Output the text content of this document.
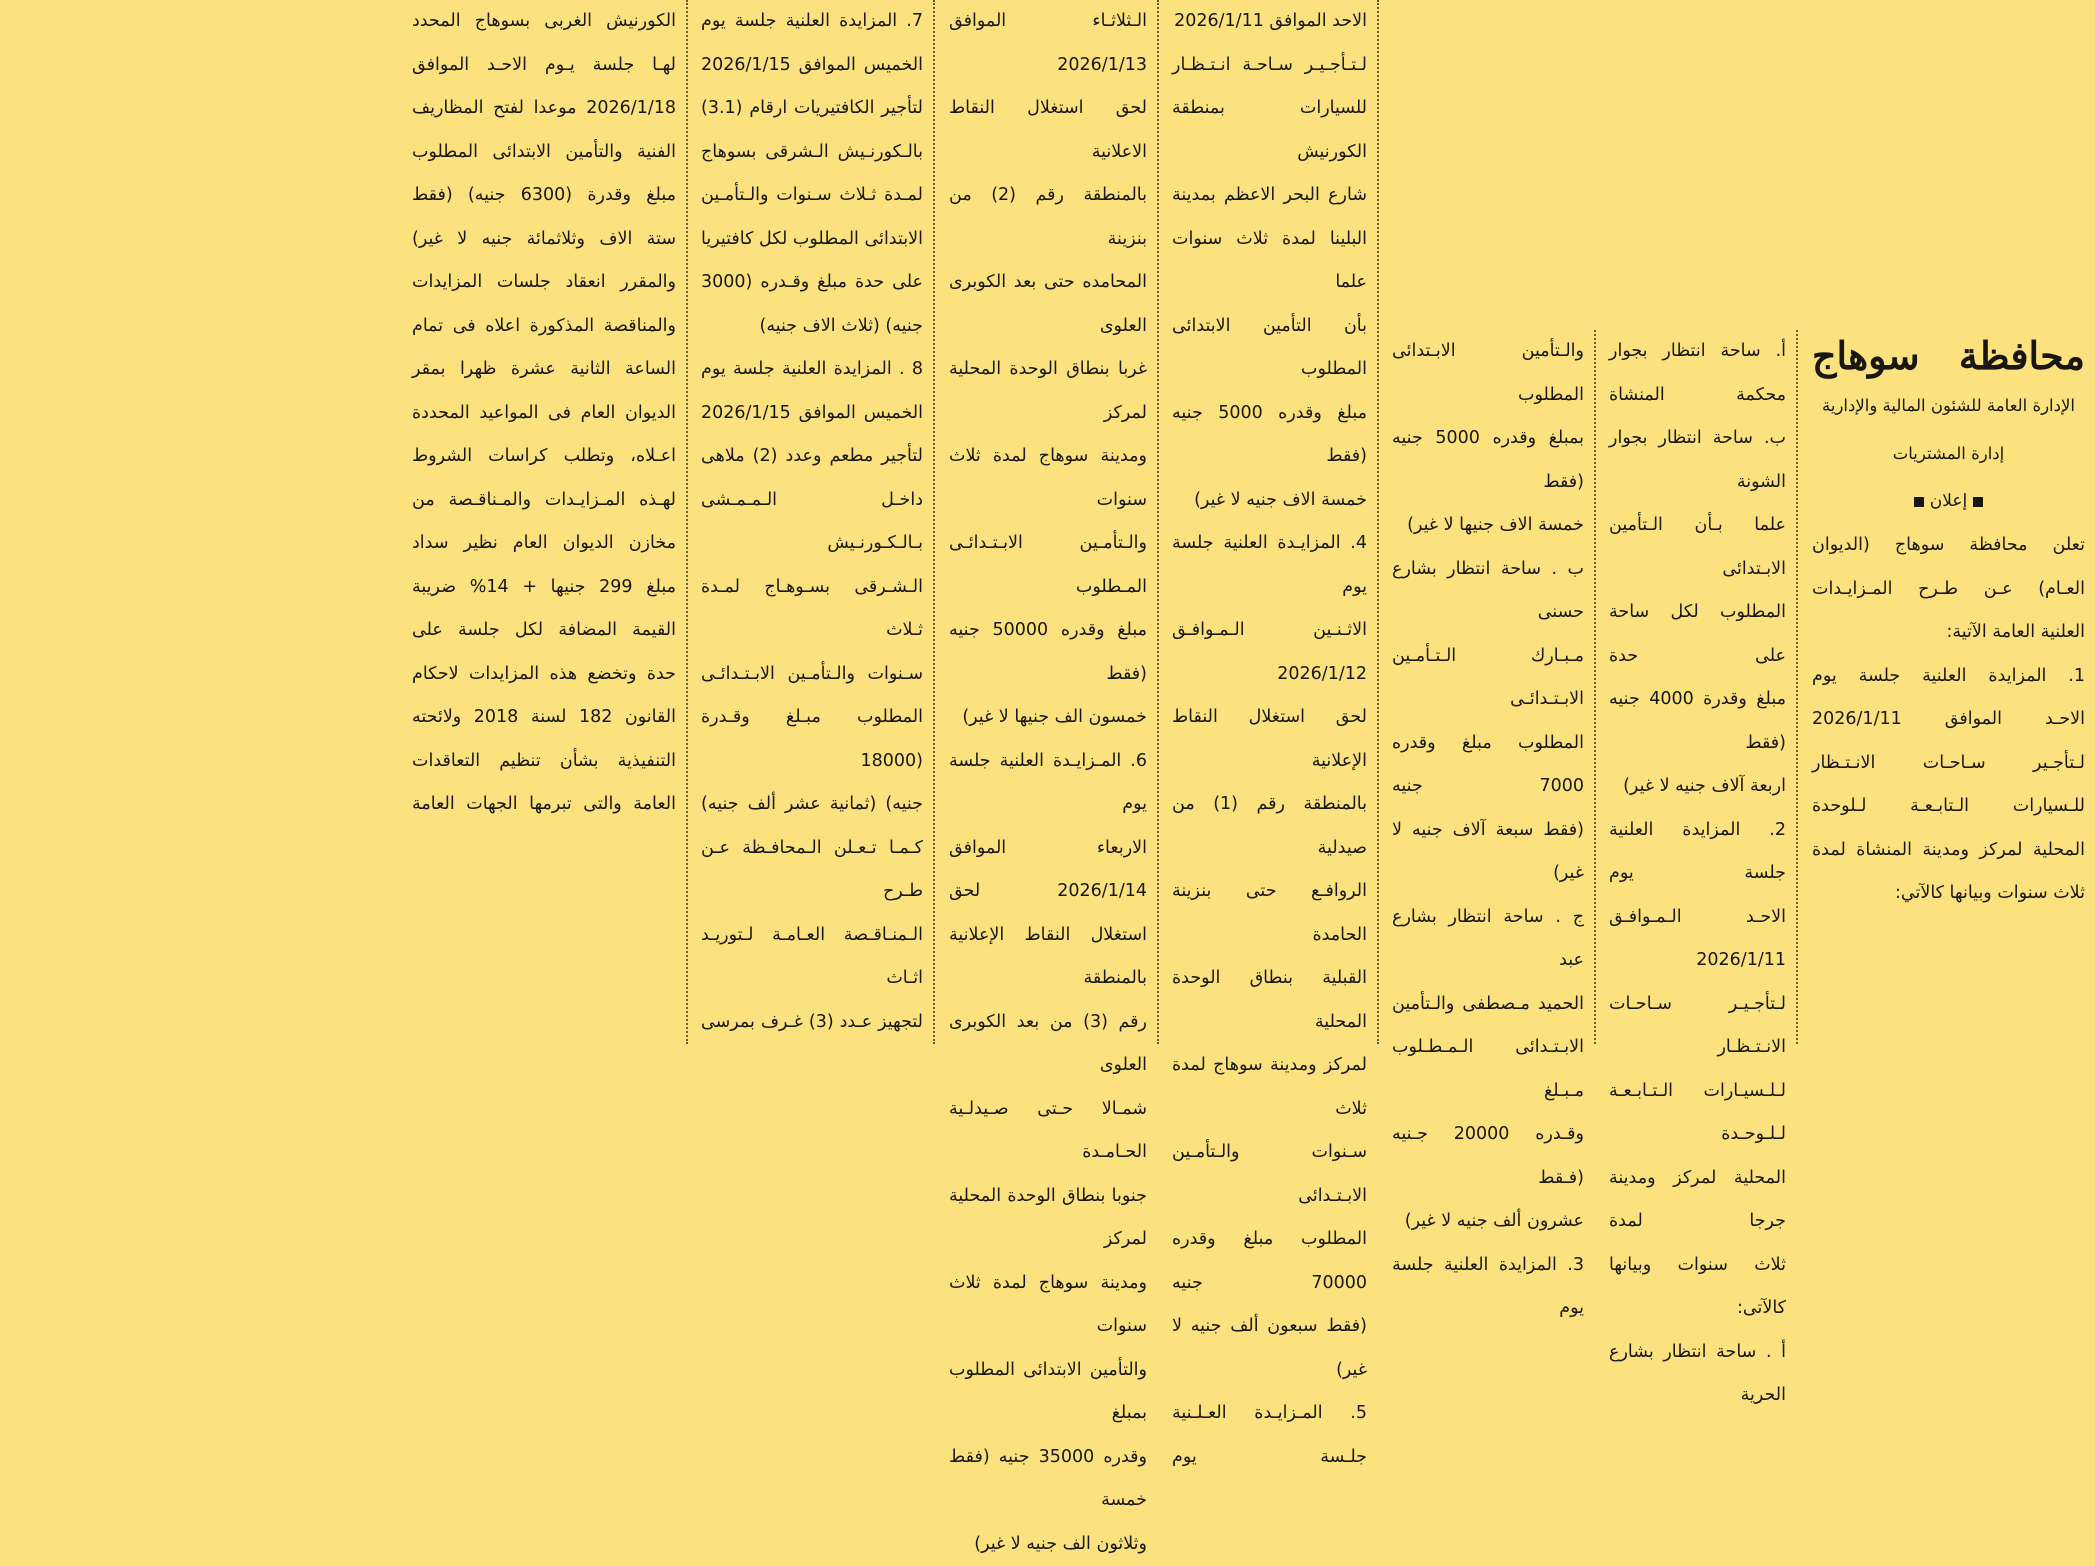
محافظة سوهاج

الإدارة العامة للشئون المالية والإدارية

إدارة المشتريات

إعلان

تعلن محافظة سوهاج (الديوان

العـام) عـن طـرح المـزايـدات

العلنية العامة الآتية:

1. المزايدة العلنية جلسة يوم

الاحـد الموافق 2026/1/11

لـتأجـير سـاحـات الانـتـظار

للـسيارات الـتابـعـة لـلوحدة

المحلية لمركز ومدينة المنشاة لمدة

ثلاث سنوات وبيانها كالآتي:

أ. ساحة انتظار بجوار محكمة المنشاة

ب. ساحة انتظار بجوار الشونة

علما بـأن الـتأمين الابـتدائى

المطلوب لكل ساحة على حدة

مبلغ وقدرة 4000 جنيه (فقط

اربعة آلاف جنيه لا غير)

2. المزايدة العلنية جلسة يوم

الاحـد الـمـوافـق 2026/1/11

لـتأجـيـر سـاحـات الانـتـظـار

لـلـسيـارات الـتـابـعـة لـلـوحـدة

المحلية لمركز ومدينة جرجا لمدة

ثلاث سنوات وبيانها كالآتى:

أ . ساحة انتظار بشارع الحرية

والـتأمين الابـتدائى المطلوب

بمبلغ وقدره 5000 جنيه (فقط

خمسة الاف جنيها لا غير)

ب . ساحة انتظار بشارع حسنى

مـبـارك الـتـأمـين الابـتـدائـى

المطلوب مبلغ وقدره 7000 جنيه

(فقط سبعة آلاف جنيه لا غير)

ج . ساحة انتظار بشارع عبد

الحميد مـصطفى والـتأمين

الابـتـدائى الـمـطـلوب مـبـلغ

وقـدره 20000 جـنيه (فـقط

عشرون ألف جنيه لا غير)

3. المزايدة العلنية جلسة يوم

الاحد الموافق 2026/1/11

لـتـأجـيـر سـاحـة انـتـظـار

للسيارات بمنطقة الكورنيش

شارع البحر الاعظم بمدينة

البلينا لمدة ثلاث سنوات علما

بأن التأمين الابتدائى المطلوب

مبلغ وقدره 5000 جنيه (فقط

خمسة الاف جنيه لا غير)

4. المزايـدة العلنية جلسة يوم

الاثـنـين الـمـوافـق 2026/1/12

لحق استغلال النقاط الإعلانية

بالمنطقة رقم (1) من صيدلية

الروافـع حتى بنزينة الحامدة

القبلية بنطاق الوحدة المحلية

لمركز ومدينة سوهاج لمدة ثلاث

سـنوات والـتأمـين الابـتـدائى

المطلوب مبلغ وقدره 70000 جنيه

(فقط سبعون ألف جنيه لا غير)

5. المـزايـدة العـلـنية جلـسة يوم

الـثلاثـاء الموافق 2026/1/13

لحق استغلال النقاط الاعلانية

بالمنطقة رقم (2) من بنزينة

المحامده حتى بعد الكوبرى العلوى

غربا بنطاق الوحدة المحلية لمركز

ومدينة سوهاج لمدة ثلاث سنوات

والـتأمـين الابـتـدائـى المـطلوب

مبلغ وقدره 50000 جنيه (فقط

خمسون الف جنيها لا غير)

6. المـزايـدة العلنية جلسة يوم

الاربعاء الموافق 2026/1/14 لحق

استغلال النقاط الإعلانية بالمنطقة

رقم (3) من بعد الكوبرى العلوى

شمـالا حـتى صـيدلـية الحـامـدة

جنوبا بنطاق الوحدة المحلية لمركز

ومدينة سوهاج لمدة ثلاث سنوات

والتأمين الابتدائى المطلوب بمبلغ

وقدره 35000 جنيه (فقط خمسة

وثلاثون الف جنيه لا غير)

7. المزايدة العلنية جلسة يوم

الخميس الموافق 2026/1/15

لتأجير الكافتيريات ارقام (3.1)

بالـكورنـيش الـشرقى بسوهاج

لمـدة ثـلاث سـنوات والـتأمـين

الابتدائى المطلوب لكل كافتيريا

على حدة مبلغ وقـدره (3000

جنيه) (ثلاث الاف جنيه)

8 . المزايدة العلنية جلسة يوم

الخميس الموافق 2026/1/15

لتأجير مطعم وعدد (2) ملاهى

داخـل الـمـمـشى بـالـكـورنـيش

الـشـرقى بسـوهـاج لمـدة ثـلاث

سـنوات والـتأمـين الابـتـدائـى

المطلوب مبـلغ وقـدرة (18000

جنيه) (ثمانية عشر ألف جنيه)

كـمـا تـعـلن الـمحافـظة عـن طـرح

الـمنـاقـصة العـامـة لـتوريـد اثـاث

لتجهيز عـدد (3) غـرف بمرسى

الكورنيش الغربى بسوهاج المحدد

لهـا جلسة يـوم الاحـد الموافق

2026/1/18 موعدا لفتح المظاريف

الفنية والتأمين الابتدائى المطلوب

مبلغ وقدرة (6300 جنيه) (فقط

ستة الاف وثلاثمائة جنيه لا غير)

والمقرر انعقاد جلسات المزايدات

والمناقصة المذكورة اعلاه فى تمام

الساعة الثانية عشرة ظهرا بمقر

الديوان العام فى المواعيد المحددة

اعـلاه، وتطلب كراسات الشروط

لهـذه المـزايـدات والمـناقـصة من

مخازن الديوان العام نظير سداد

مبلغ 299 جنيها + 14% ضريبة

القيمة المضافة لكل جلسة على

حدة وتخضع هذه المزايدات لاحكام

القانون 182 لسنة 2018 ولائحته

التنفيذية بشأن تنظيم التعاقدات

العامة والتى تبرمها الجهات العامة
